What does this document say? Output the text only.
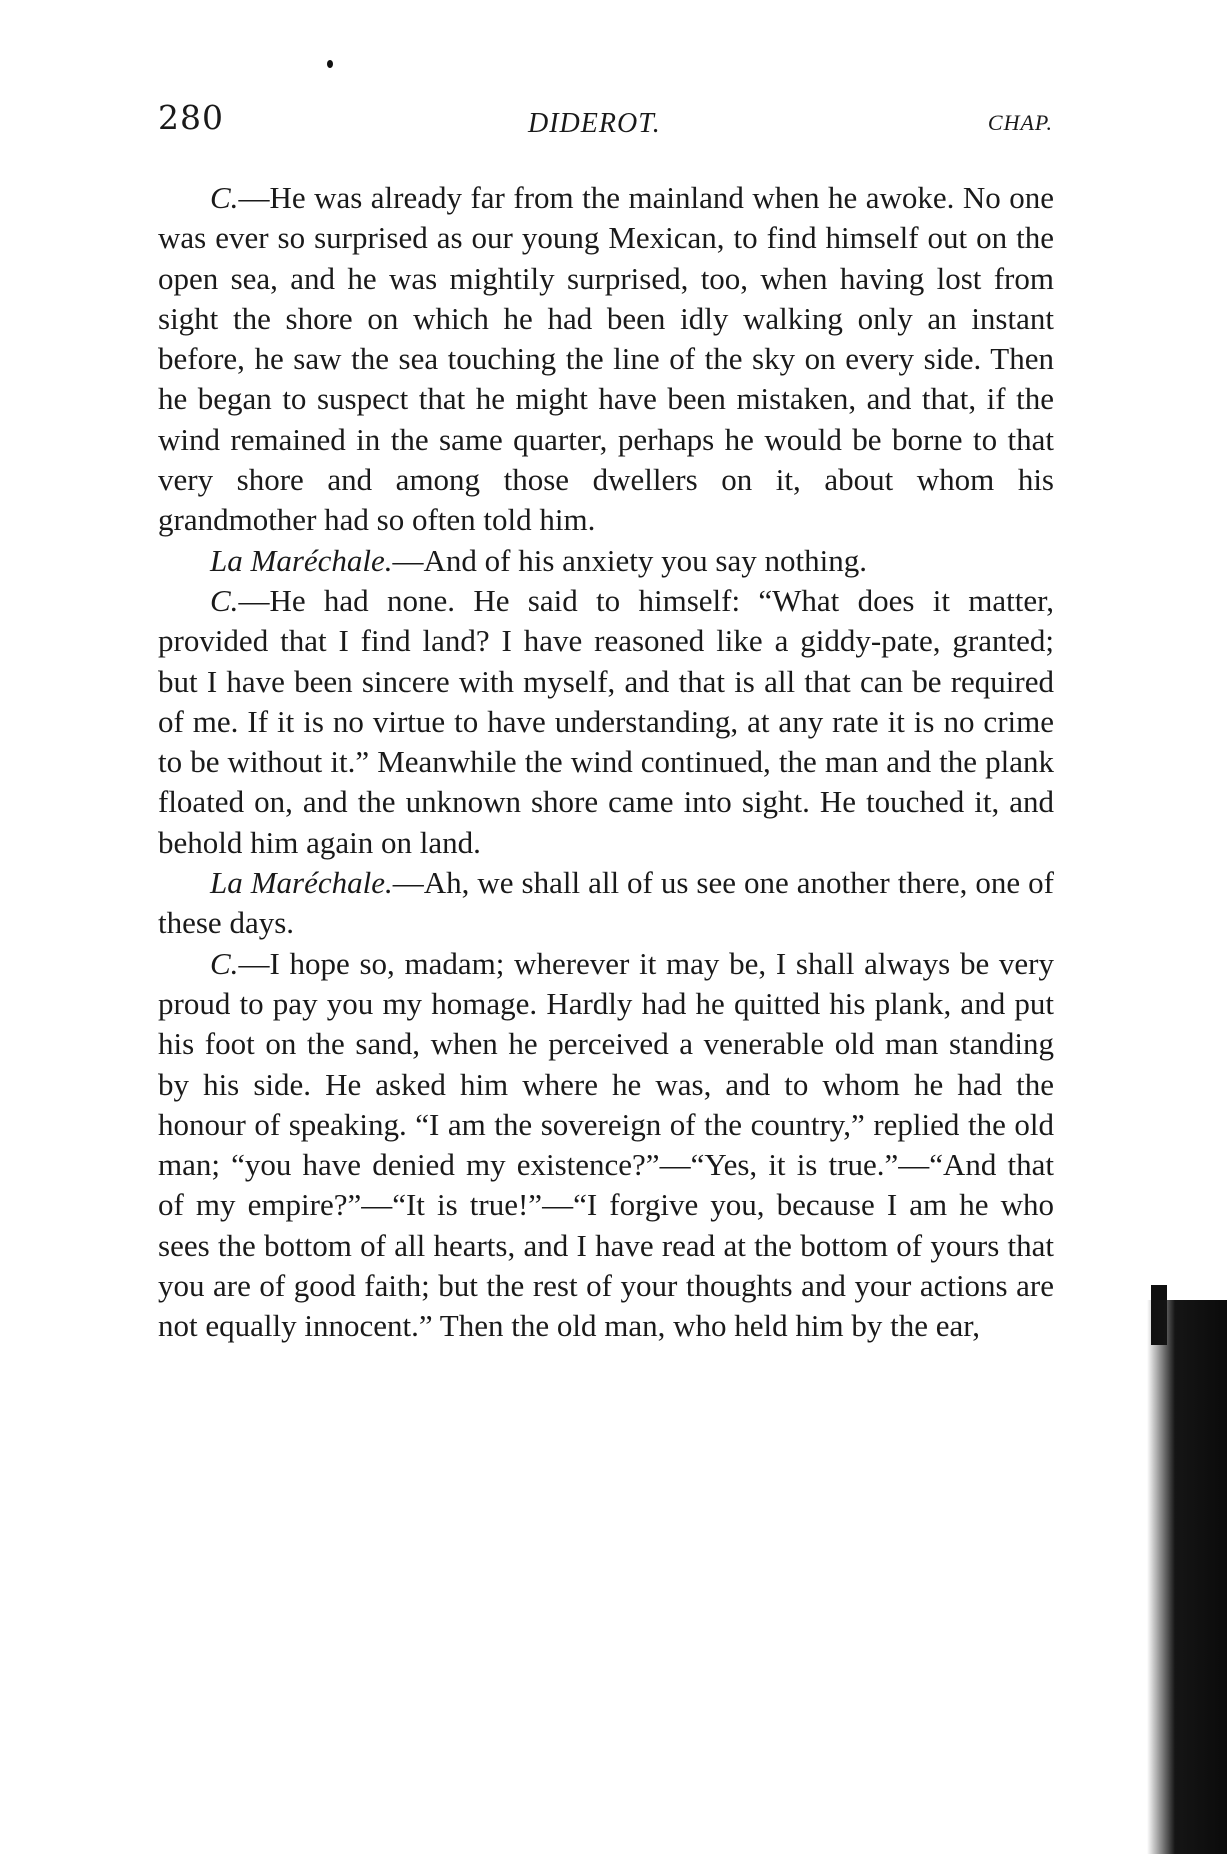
280	DIDEROT.	CHAP.

C.—He was already far from the mainland when he awoke. No one was ever so surprised as our young Mexican, to find himself out on the open sea, and he was mightily surprised, too, when having lost from sight the shore on which he had been idly walking only an instant before, he saw the sea touching the line of the sky on every side. Then he began to suspect that he might have been mistaken, and that, if the wind remained in the same quarter, perhaps he would be borne to that very shore and among those dwellers on it, about whom his grandmother had so often told him.

La Maréchale.—And of his anxiety you say nothing.

C.—He had none. He said to himself: “What does it matter, provided that I find land? I have reasoned like a giddy-pate, granted; but I have been sincere with myself, and that is all that can be required of me. If it is no virtue to have understanding, at any rate it is no crime to be without it.” Meanwhile the wind continued, the man and the plank floated on, and the unknown shore came into sight. He touched it, and behold him again on land.

La Maréchale.—Ah, we shall all of us see one another there, one of these days.

C.—I hope so, madam; wherever it may be, I shall always be very proud to pay you my homage. Hardly had he quitted his plank, and put his foot on the sand, when he perceived a venerable old man standing by his side. He asked him where he was, and to whom he had the honour of speaking. “I am the sovereign of the country,” replied the old man; “you have denied my existence?”—“Yes, it is true.”—“And that of my empire?”—“It is true!”—“I forgive you, because I am he who sees the bottom of all hearts, and I have read at the bottom of yours that you are of good faith; but the rest of your thoughts and your actions are not equally innocent.” Then the old man, who held him by the ear,
